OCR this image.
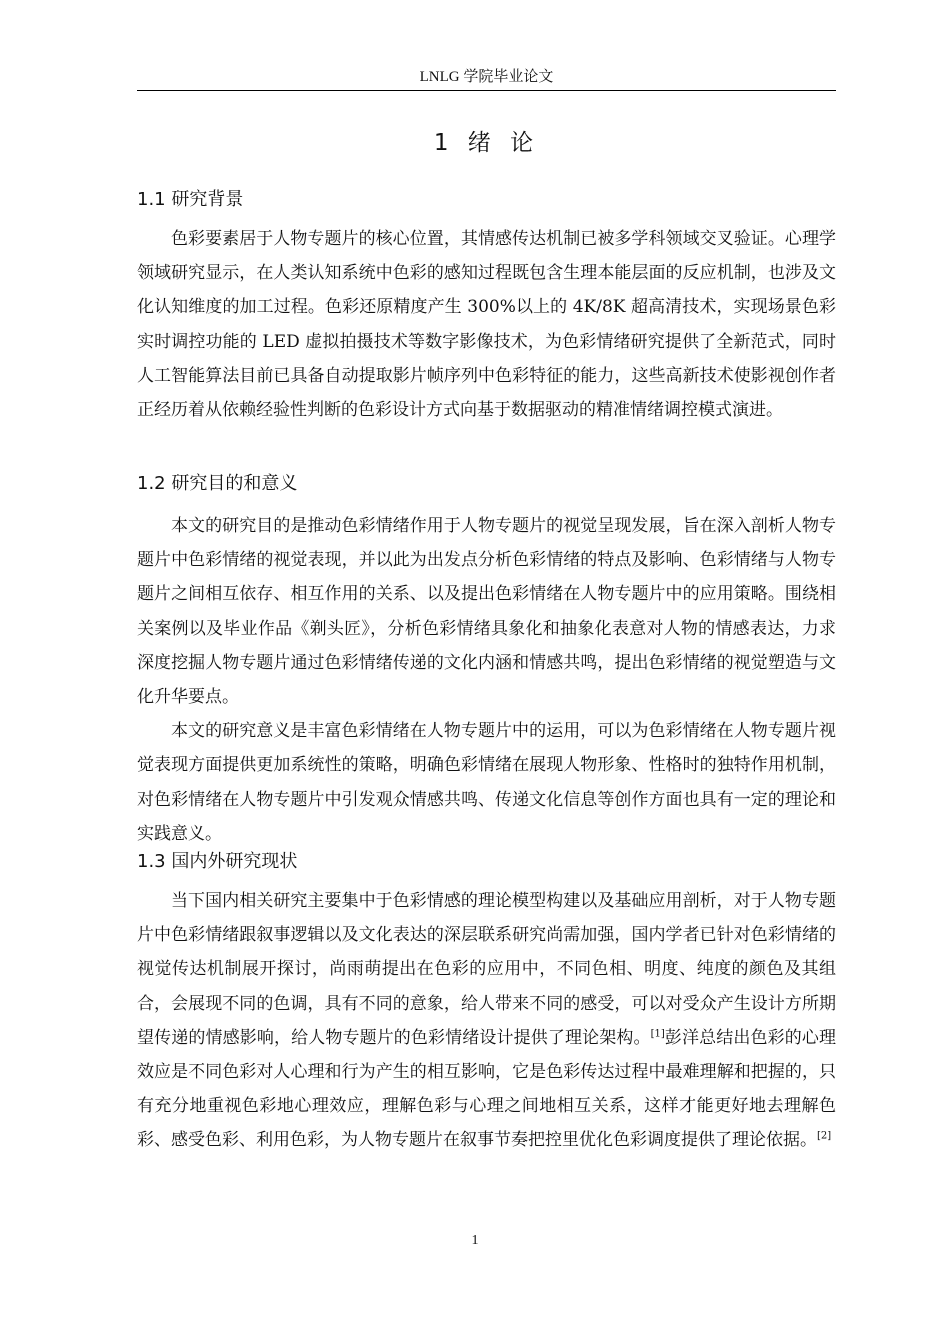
LNLG 学院毕业论文
1 绪 论
1.1 研究背景

色彩要素居于人物专题片的核心位置，其情感传达机制已被多学科领域交叉验证。心理学领域研究显示，在人类认知系统中色彩的感知过程既包含生理本能层面的反应机制，也涉及文化认知维度的加工过程。色彩还原精度产生 300%以上的 4K/8K 超高清技术，实现场景色彩实时调控功能的 LED 虚拟拍摄技术等数字影像技术，为色彩情绪研究提供了全新范式，同时人工智能算法目前已具备自动提取影片帧序列中色彩特征的能力，这些高新技术使影视创作者正经历着从依赖经验性判断的色彩设计方式向基于数据驱动的精准情绪调控模式演进。

1.2 研究目的和意义

本文的研究目的是推动色彩情绪作用于人物专题片的视觉呈现发展，旨在深入剖析人物专题片中色彩情绪的视觉表现，并以此为出发点分析色彩情绪的特点及影响、色彩情绪与人物专题片之间相互依存、相互作用的关系、以及提出色彩情绪在人物专题片中的应用策略。围绕相关案例以及毕业作品《剃头匠》，分析色彩情绪具象化和抽象化表意对人物的情感表达，力求深度挖掘人物专题片通过色彩情绪传递的文化内涵和情感共鸣，提出色彩情绪的视觉塑造与文化升华要点。

本文的研究意义是丰富色彩情绪在人物专题片中的运用，可以为色彩情绪在人物专题片视觉表现方面提供更加系统性的策略，明确色彩情绪在展现人物形象、性格时的独特作用机制，对色彩情绪在人物专题片中引发观众情感共鸣、传递文化信息等创作方面也具有一定的理论和实践意义。

1.3 国内外研究现状

当下国内相关研究主要集中于色彩情感的理论模型构建以及基础应用剖析，对于人物专题片中色彩情绪跟叙事逻辑以及文化表达的深层联系研究尚需加强，国内学者已针对色彩情绪的视觉传达机制展开探讨，尚雨萌提出在色彩的应用中，不同色相、明度、纯度的颜色及其组合，会展现不同的色调，具有不同的意象，给人带来不同的感受，可以对受众产生设计方所期望传递的情感影响，给人物专题片的色彩情绪设计提供了理论架构。[1]彭洋总结出色彩的心理效应是不同色彩对人心理和行为产生的相互影响，它是色彩传达过程中最难理解和把握的，只有充分地重视色彩地心理效应，理解色彩与心理之间地相互关系，这样才能更好地去理解色彩、感受色彩、利用色彩，为人物专题片在叙事节奏把控里优化色彩调度提供了理论依据。[2]

1
